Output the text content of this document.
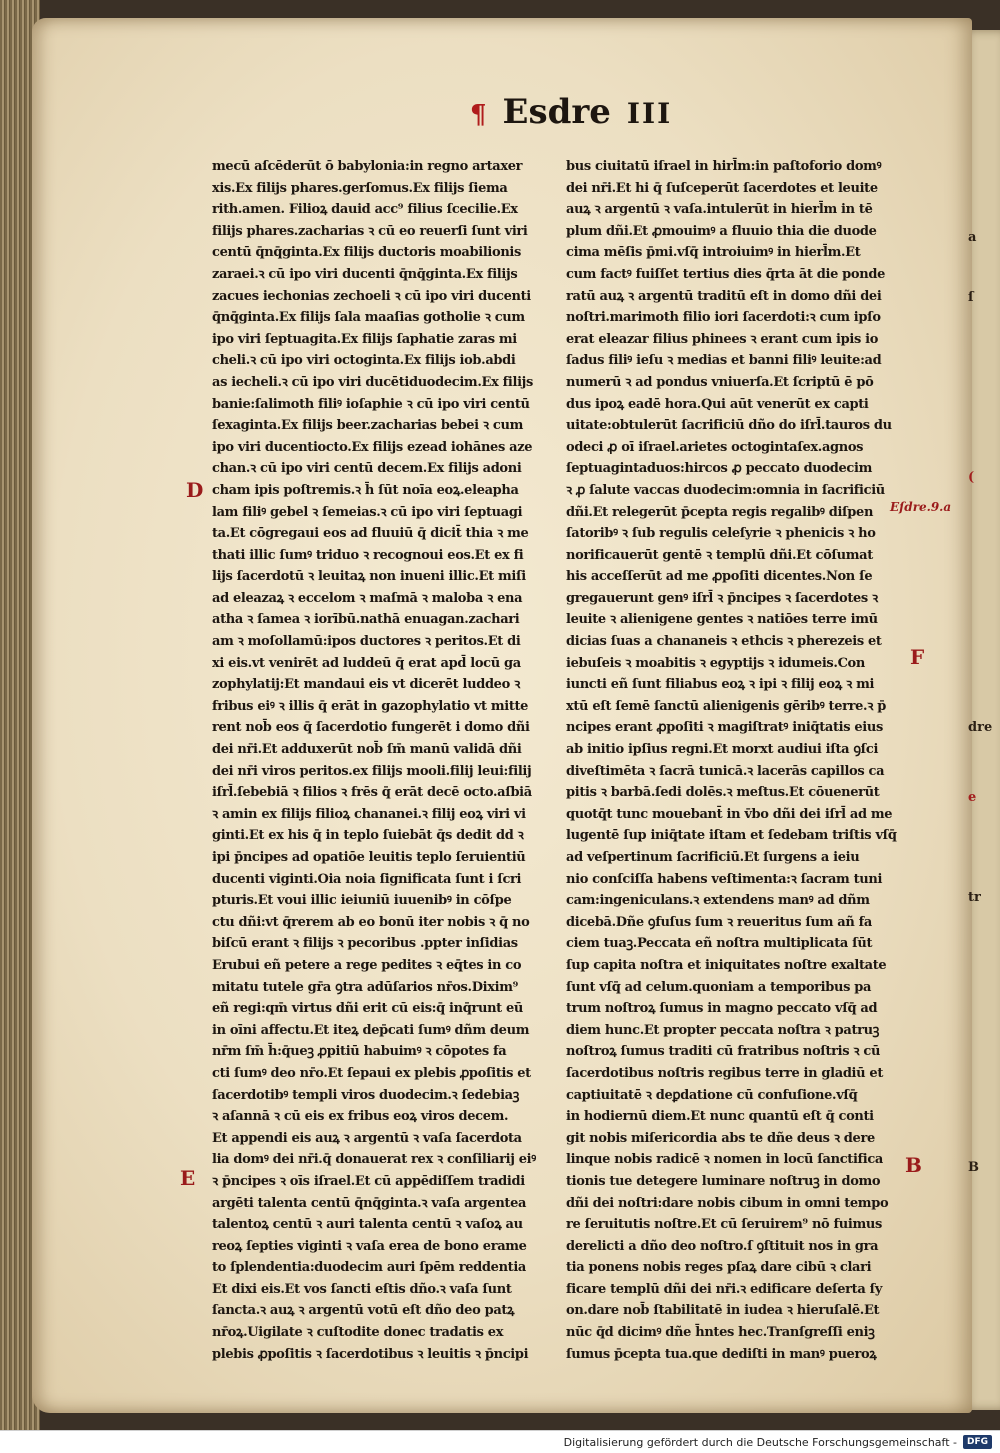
¶ Esdre III
mecū aſcēderūt ō babylonia:in regno artaxer
xis.Ex filijs phares.gerſomus.Ex filijs ſiema
rith.amen. Filioꝝ dauid acc⁹ filius ſcecilie.Ex
filijs phares.zacharias ꝛ cū eo reuerſi ſunt viri
centū q̄nq̄ginta.Ex filijs ductoris moabilionis
zaraei.ꝛ cū ipo viri ducenti q̄nq̄ginta.Ex filijs
zacues iechonias zechoeli ꝛ cū ipo viri ducenti
q̄nq̄ginta.Ex filijs ſala maaſias gotholie ꝛ cum
ipo viri ſeptuagita.Ex filijs ſaphatie zaras mi
cheli.ꝛ cū ipo viri octoginta.Ex filijs iob.abdi
as iecheli.ꝛ cū ipo viri ducētiduodecim.Ex filijs
banie:ſalimoth filiꝰ ioſaphie ꝛ cū ipo viri centū
ſexaginta.Ex filijs beer.zacharias bebei ꝛ cum
ipo viri ducentiocto.Ex filijs ezead iohānes aze
chan.ꝛ cū ipo viri centū decem.Ex filijs adoni
cham ipis poſtremis.ꝛ h̄ ſūt noīa eoꝝ.eleapha
lam filiꝰ gebel ꝛ ſemeias.ꝛ cū ipo viri ſeptuagi
ta.Et cōgregaui eos ad fluuiū q̄ dicit̄ thia ꝛ me
thati illic ſumꝰ triduo ꝛ recognoui eos.Et ex fi
lijs ſacerdotū ꝛ leuitaꝝ non inueni illic.Et miſi
ad eleazaꝝ ꝛ eccelom ꝛ maſmā ꝛ maloba ꝛ ena
atha ꝛ ſamea ꝛ iorībū.nathā enuagan.zachari
am ꝛ moſollamū:ipos ductores ꝛ peritos.Et di
xi eis.vt venirēt ad luddeū q̄ erat apd̄ locū ga
zophylatij:Et mandaui eis vt dicerēt luddeo ꝛ
fribus eiꝰ ꝛ illis q̄ erāt in gazophylatio vt mitte
rent nob̄ eos q̄ ſacerdotio fungerēt i domo dñi
dei nr̄i.Et adduxerūt nob̄ ſm̄ manū validā dñi
dei nr̄i viros peritos.ex filijs mooli.filij leui:filij
iſrl̄.ſebebiā ꝛ filios ꝛ frēs q̄ erāt decē octo.aſbiā
ꝛ amin ex filijs filioꝝ chananei.ꝛ filij eoꝝ viri vi
ginti.Et ex his q̄ in teplo ſuiebāt q̄s dedit dd ꝛ
ipi p̄ncipes ad opatiōe leuitis teplo ſeruientiū
ducenti viginti.Oia noia ſignificata ſunt i ſcri
pturis.Et voui illic ieiuniū iuuenibꝰ in cōſpe
ctu dñi:vt q̄rerem ab eo bonū iter nobis ꝛ q̄ no
biſcū erant ꝛ filijs ꝛ pecoribus .ppter inſidias
Erubui eñ petere a rege pedites ꝛ eq̄tes in co
mitatu tutele gr̄a ꝯtra adūſarios nr̄os.Dixim⁹
eñ regi:qm̄ virtus dñi erit cū eis:q̄ inq̄runt eū
in oīni affectu.Et iteꝝ dep̄cati ſumꝰ dñm deum
nr̄m ſm̄ h̄:q̄ueꝫ ꝓpitiū habuimꝰ ꝛ cōpotes fa
cti ſumꝰ deo nr̄o.Et ſepaui ex plebis ꝓpoſitis et
ſacerdotibꝰ templi viros duodecim.ꝛ ſedebiaꝫ
ꝛ aſannā ꝛ cū eis ex fribus eoꝝ viros decem.
Et appendi eis auꝝ ꝛ argentū ꝛ vaſa ſacerdota
lia domꝰ dei nr̄i.q̄ donauerat rex ꝛ conſiliarij eiꝰ
ꝛ p̄ncipes ꝛ oīs iſrael.Et cū appēdiſſem tradidi
argēti talenta centū q̄nq̄ginta.ꝛ vaſa argentea
talentoꝝ centū ꝛ auri talenta centū ꝛ vaſoꝝ au
reoꝝ ſepties viginti ꝛ vaſa erea de bono erame
to ſplendentia:duodecim auri ſpēm reddentia
Et dixi eis.Et vos ſancti eſtis dño.ꝛ vaſa ſunt
ſancta.ꝛ auꝝ ꝛ argentū votū eſt dño deo patꝝ
nr̄oꝝ.Uigilate ꝛ cuſtodite donec tradatis ex
plebis ꝓpoſitis ꝛ ſacerdotibus ꝛ leuitis ꝛ p̄ncipi
bus ciuitatū iſrael in hirl̄m:in paſtoforio domꝰ
dei nr̄i.Et hi q̄ ſuſceperūt ſacerdotes et leuite
auꝝ ꝛ argentū ꝛ vaſa.intulerūt in hierl̄m in tē
plum dñi.Et ꝓmouimꝰ a fluuio thia die duode
cima mēſis p̄mi.vſq̄ introiuimꝰ in hierl̄m.Et
cum factꝰ fuiſſet tertius dies q̄rta āt die ponde
ratū auꝝ ꝛ argentū traditū eſt in domo dñi dei
noſtri.marimoth filio iori ſacerdoti:ꝛ cum ipſo
erat eleazar filius phinees ꝛ erant cum ipis io
ſadus filiꝰ ieſu ꝛ medias et banni filiꝰ leuite:ad
numerū ꝛ ad pondus vniuerſa.Et ſcriptū ē pō
dus ipoꝝ eadē hora.Qui aūt venerūt ex capti
uitate:obtulerūt ſacrificiū dño do iſrl̄.tauros du
odeci ꝓ oī iſrael.arietes octogintaſex.agnos
ſeptuagintaduos:hircos ꝓ peccato duodecim
ꝛ ꝓ ſalute vaccas duodecim:omnia in ſacrificiū
dñi.Et relegerūt p̄cepta regis regalibꝰ diſpen
ſatoribꝰ ꝛ ſub regulis celeſyrie ꝛ phenicis ꝛ ho
norificauerūt gentē ꝛ templū dñi.Et cōſumat
his acceſſerūt ad me ꝓpoſiti dicentes.Non ſe
gregauerunt genꝰ iſrl̄ ꝛ p̄ncipes ꝛ ſacerdotes ꝛ
leuite ꝛ alienigene gentes ꝛ natiōes terre imū
dicias ſuas a chananeis ꝛ ethcis ꝛ pherezeis et
iebuſeis ꝛ moabitis ꝛ egyptijs ꝛ idumeis.Con
iuncti eñ ſunt filiabus eoꝝ ꝛ ipi ꝛ filij eoꝝ ꝛ mi
xtū eſt ſemē ſanctū alienigenis gēribꝰ terre.ꝛ p̄
ncipes erant ꝓpoſiti ꝛ magiſtratꝰ iniq̄tatis eius
ab initio ipſius regni.Et morxt audiui iſta ꝯſci
diveſtimēta ꝛ ſacrā tunicā.ꝛ lacerās capillos ca
pitis ꝛ barbā.ſedi dolēs.ꝛ meſtus.Et cōuenerūt
quotq̄t tunc mouebant̄ in v̄bo dñi dei iſrl̄ ad me
lugentē ſup iniq̄tate iſtam et ſedebam triſtis vſq̄
ad veſpertinum ſacrificiū.Et ſurgens a ieiu
nio conſciſſa habens veſtimenta:ꝛ ſacram tuni
cam:ingeniculans.ꝛ extendens manꝰ ad dñm
dicebā.Dñe ꝯfuſus ſum ꝛ reueritus ſum añ fa
ciem tuaꝫ.Peccata eñ noſtra multiplicata ſūt
ſup capita noſtra et iniquitates noſtre exaltate
ſunt vſq̄ ad celum.quoniam a temporibus pa
trum noſtroꝝ ſumus in magno peccato vſq̄ ad
diem hunc.Et propter peccata noſtra ꝛ patruꝫ
noſtroꝝ ſumus traditi cū fratribus noſtris ꝛ cū
ſacerdotibus noſtris regibus terre in gladiū et
captiuitatē ꝛ deꝑdatione cū confuſione.vſq̄
in hodiernū diem.Et nunc quantū eſt q̄ conti
git nobis miſericordia abs te dñe deus ꝛ dere
linque nobis radicē ꝛ nomen in locū ſanctifica
tionis tue detegere luminare noſtruꝫ in domo
dñi dei noſtri:dare nobis cibum in omni tempo
re ſeruitutis noſtre.Et cū ſeruirem⁹ nō fuimus
derelicti a dño deo noſtro.ſ ꝯſtituit nos in gra
tia ponens nobis reges pſaꝝ dare cibū ꝛ clari
ficare templū dñi dei nr̄i.ꝛ edificare deſerta ſy
on.dare nob̄ ſtabilitatē in iudea ꝛ hieruſalē.Et
nūc q̄d dicimꝰ dñe h̄ntes hec.Tranſgreſſi eniꝫ
ſumus p̄cepta tua.que dediſti in manꝰ pueroꝝ
D
E
Eſdre.9.a
F
B
a
ſ
(
dre
e
tr
B
Digitalisierung gefördert durch die Deutsche Forschungsgemeinschaft -	DFG
